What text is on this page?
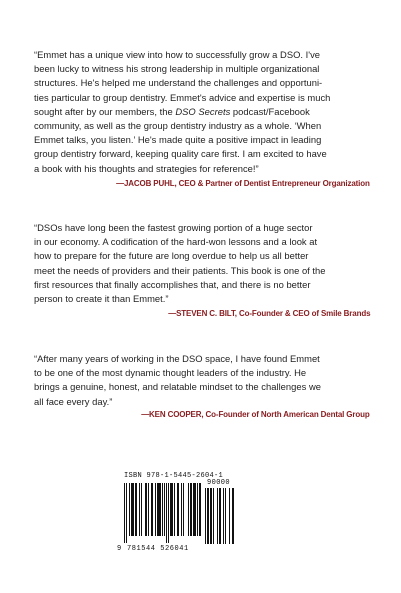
“Emmet has a unique view into how to successfully grow a DSO. I've
been lucky to witness his strong leadership in multiple organizational
structures. He's helped me understand the challenges and opportuni-
ties particular to group dentistry. Emmet's advice and expertise is much
sought after by our members, the DSO Secrets podcast/Facebook
community, as well as the group dentistry industry as a whole. ‘When
Emmet talks, you listen.’ He's made quite a positive impact in leading
group dentistry forward, keeping quality care first. I am excited to have
a book with his thoughts and strategies for reference!”

—JACOB PUHL, CEO & Partner of Dentist Entrepreneur Organization

“DSOs have long been the fastest growing portion of a huge sector
in our economy. A codification of the hard-won lessons and a look at
how to prepare for the future are long overdue to help us all better
meet the needs of providers and their patients. This book is one of the
first resources that finally accomplishes that, and there is no better
person to create it than Emmet.”

—STEVEN C. BILT, Co-Founder & CEO of Smile Brands

“After many years of working in the DSO space, I have found Emmet
to be one of the most dynamic thought leaders of the industry. He
brings a genuine, honest, and relatable mindset to the challenges we
all face every day.”

—KEN COOPER, Co-Founder of North American Dental Group
ISBN 978-1-5445-2604-1
90000
9 781544 526041
